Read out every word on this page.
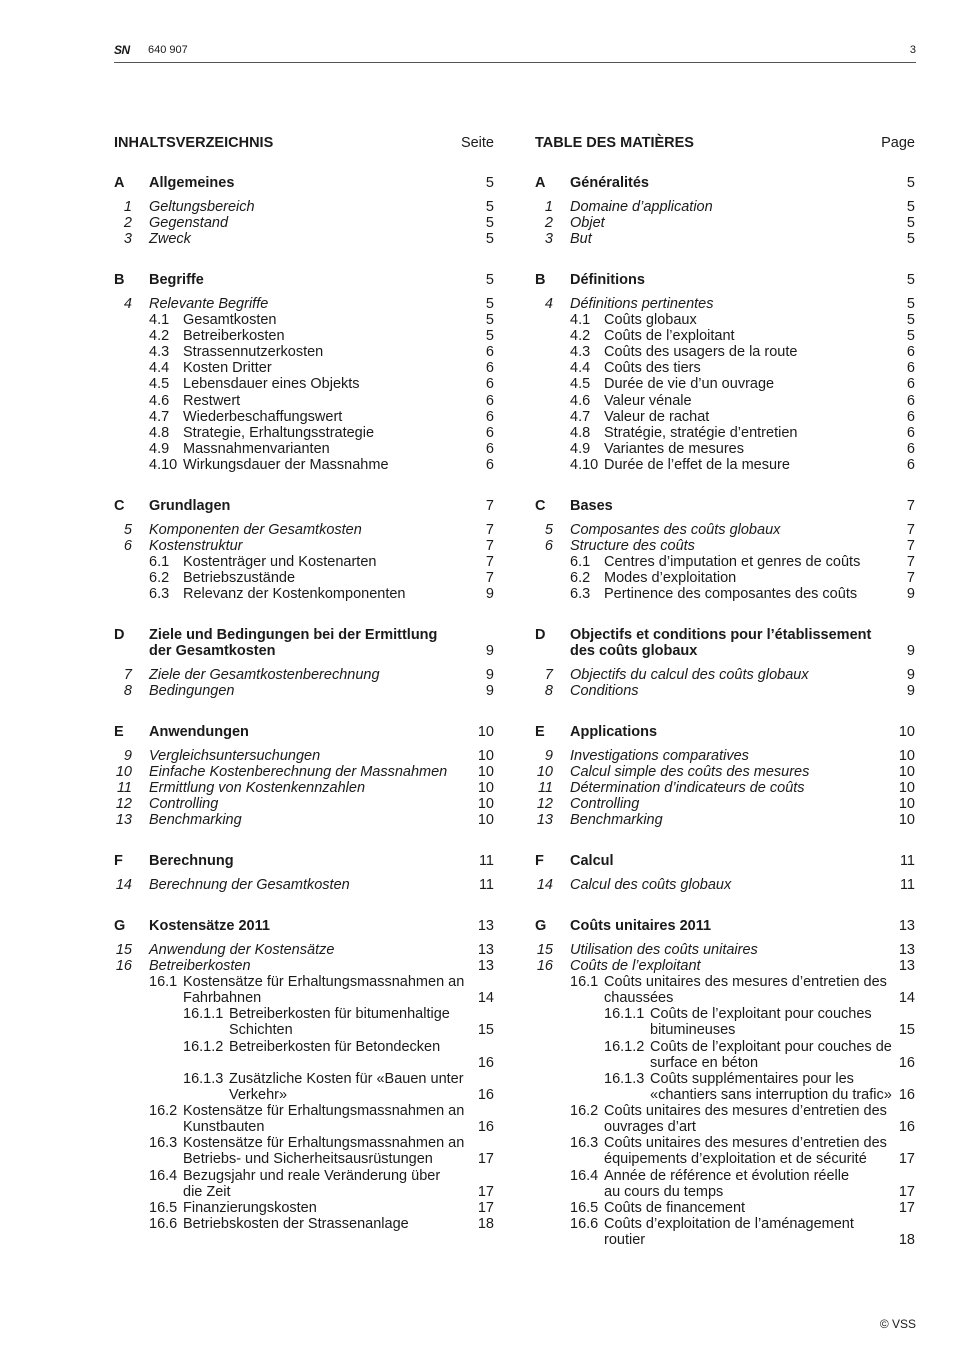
SN 640 907	3
INHALTSVERZEICHNIS	Seite
A Allgemeines	5
1 Geltungsbereich	5
2 Gegenstand	5
3 Zweck	5
B Begriffe	5
4 Relevante Begriffe	5
4.1 Gesamtkosten	5
4.2 Betreiberkosten	5
4.3 Strassennutzerkosten	6
4.4 Kosten Dritter	6
4.5 Lebensdauer eines Objekts	6
4.6 Restwert	6
4.7 Wiederbeschaffungswert	6
4.8 Strategie, Erhaltungsstrategie	6
4.9 Massnahmenvarianten	6
4.10 Wirkungsdauer der Massnahme	6
C Grundlagen	7
5 Komponenten der Gesamtkosten	7
6 Kostenstruktur	7
6.1 Kostenträger und Kostenarten	7
6.2 Betriebszustände	7
6.3 Relevanz der Kostenkomponenten	9
D Ziele und Bedingungen bei der Ermittlung
der Gesamtkosten	9
7 Ziele der Gesamtkostenberechnung	9
8 Bedingungen	9
E Anwendungen	10
9 Vergleichsuntersuchungen	10
10 Einfache Kostenberechnung der Massnahmen 10
11 Ermittlung von Kostenkennzahlen	10
12 Controlling	10
13 Benchmarking	10
F Berechnung	11
14 Berechnung der Gesamtkosten	11
G Kostensätze 2011	13
15 Anwendung der Kostensätze	13
16 Betreiberkosten	13
16.1 Kostensätze für Erhaltungsmassnahmen an
Fahrbahnen	14
16.1.1 Betreiberkosten für bitumenhaltige
Schichten	15
16.1.2 Betreiberkosten für Betondecken
16
16.1.3 Zusätzliche Kosten für «Bauen unter
Verkehr»	16
16.2 Kostensätze für Erhaltungsmassnahmen an
Kunstbauten	16
16.3 Kostensätze für Erhaltungsmassnahmen an
Betriebs- und Sicherheitsausrüstungen	17
16.4 Bezugsjahr und reale Veränderung über
die Zeit	17
16.5 Finanzierungskosten	17
16.6 Betriebskosten der Strassenanlage	18
TABLE DES MATIÈRES	Page
A Généralités	5
1 Domaine d’application	5
2 Objet	5
3 But	5
B Définitions	5
4 Définitions pertinentes	5
4.1 Coûts globaux	5
4.2 Coûts de l’exploitant	5
4.3 Coûts des usagers de la route	6
4.4 Coûts des tiers	6
4.5 Durée de vie d’un ouvrage	6
4.6 Valeur vénale	6
4.7 Valeur de rachat	6
4.8 Stratégie, stratégie d’entretien	6
4.9 Variantes de mesures	6
4.10 Durée de l’effet de la mesure	6
C Bases	7
5 Composantes des coûts globaux	7
6 Structure des coûts	7
6.1 Centres d’imputation et genres de coûts	7
6.2 Modes d’exploitation	7
6.3 Pertinence des composantes des coûts	9
D Objectifs et conditions pour l’établissement
des coûts globaux	9
7 Objectifs du calcul des coûts globaux	9
8 Conditions	9
E Applications	10
9 Investigations comparatives	10
10 Calcul simple des coûts des mesures	10
11 Détermination d’indicateurs de coûts	10
12 Controlling	10
13 Benchmarking	10
F Calcul	11
14 Calcul des coûts globaux	11
G Coûts unitaires 2011	13
15 Utilisation des coûts unitaires	13
16 Coûts de l’exploitant	13
16.1 Coûts unitaires des mesures d’entretien des
chaussées	14
16.1.1 Coûts de l’exploitant pour couches
bitumineuses	15
16.1.2 Coûts de l’exploitant pour couches de
surface en béton	16
16.1.3 Coûts supplémentaires pour les
«chantiers sans interruption du trafic» 16
16.2 Coûts unitaires des mesures d’entretien des
ouvrages d’art	16
16.3 Coûts unitaires des mesures d’entretien des
équipements d’exploitation et de sécurité 17
16.4 Année de référence et évolution réelle
au cours du temps	17
16.5 Coûts de financement	17
16.6 Coûts d’exploitation de l’aménagement
routier	18
© VSS
